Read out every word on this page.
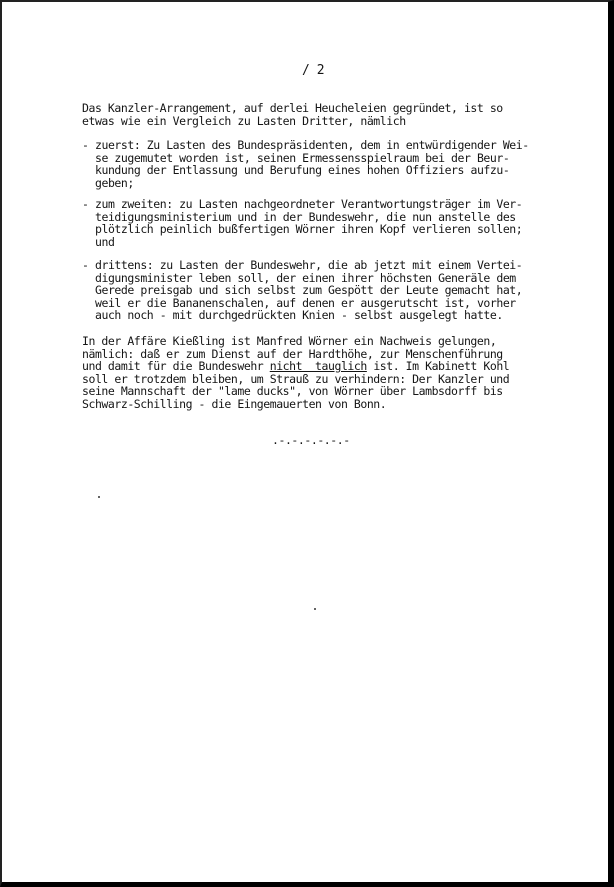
/ 2
Das Kanzler-Arrangement, auf derlei Heucheleien gegründet, ist so
etwas wie ein Vergleich zu Lasten Dritter, nämlich
- zuerst: Zu Lasten des Bundespräsidenten, dem in entwürdigender Wei-
se zugemutet worden ist, seinen Ermessensspielraum bei der Beur-
kundung der Entlassung und Berufung eines hohen Offiziers aufzu-
geben;
- zum zweiten: zu Lasten nachgeordneter Verantwortungsträger im Ver-
teidigungsministerium und in der Bundeswehr, die nun anstelle des
plötzlich peinlich bußfertigen Wörner ihren Kopf verlieren sollen;
und
- drittens: zu Lasten der Bundeswehr, die ab jetzt mit einem Vertei-
digungsminister leben soll, der einen ihrer höchsten Generäle dem
Gerede preisgab und sich selbst zum Gespött der Leute gemacht hat,
weil er die Bananenschalen, auf denen er ausgerutscht ist, vorher
auch noch - mit durchgedrückten Knien - selbst ausgelegt hatte.
In der Affäre Kießling ist Manfred Wörner ein Nachweis gelungen,
nämlich: daß er zum Dienst auf der Hardthöhe, zur Menschenführung
und damit für die Bundeswehr nicht  tauglich ist. Im Kabinett Kohl
soll er trotzdem bleiben, um Strauß zu verhindern: Der Kanzler und
seine Mannschaft der "lame ducks", von Wörner über Lambsdorff bis
Schwarz-Schilling - die Eingemauerten von Bonn.
.-.-.-.-.-.-
